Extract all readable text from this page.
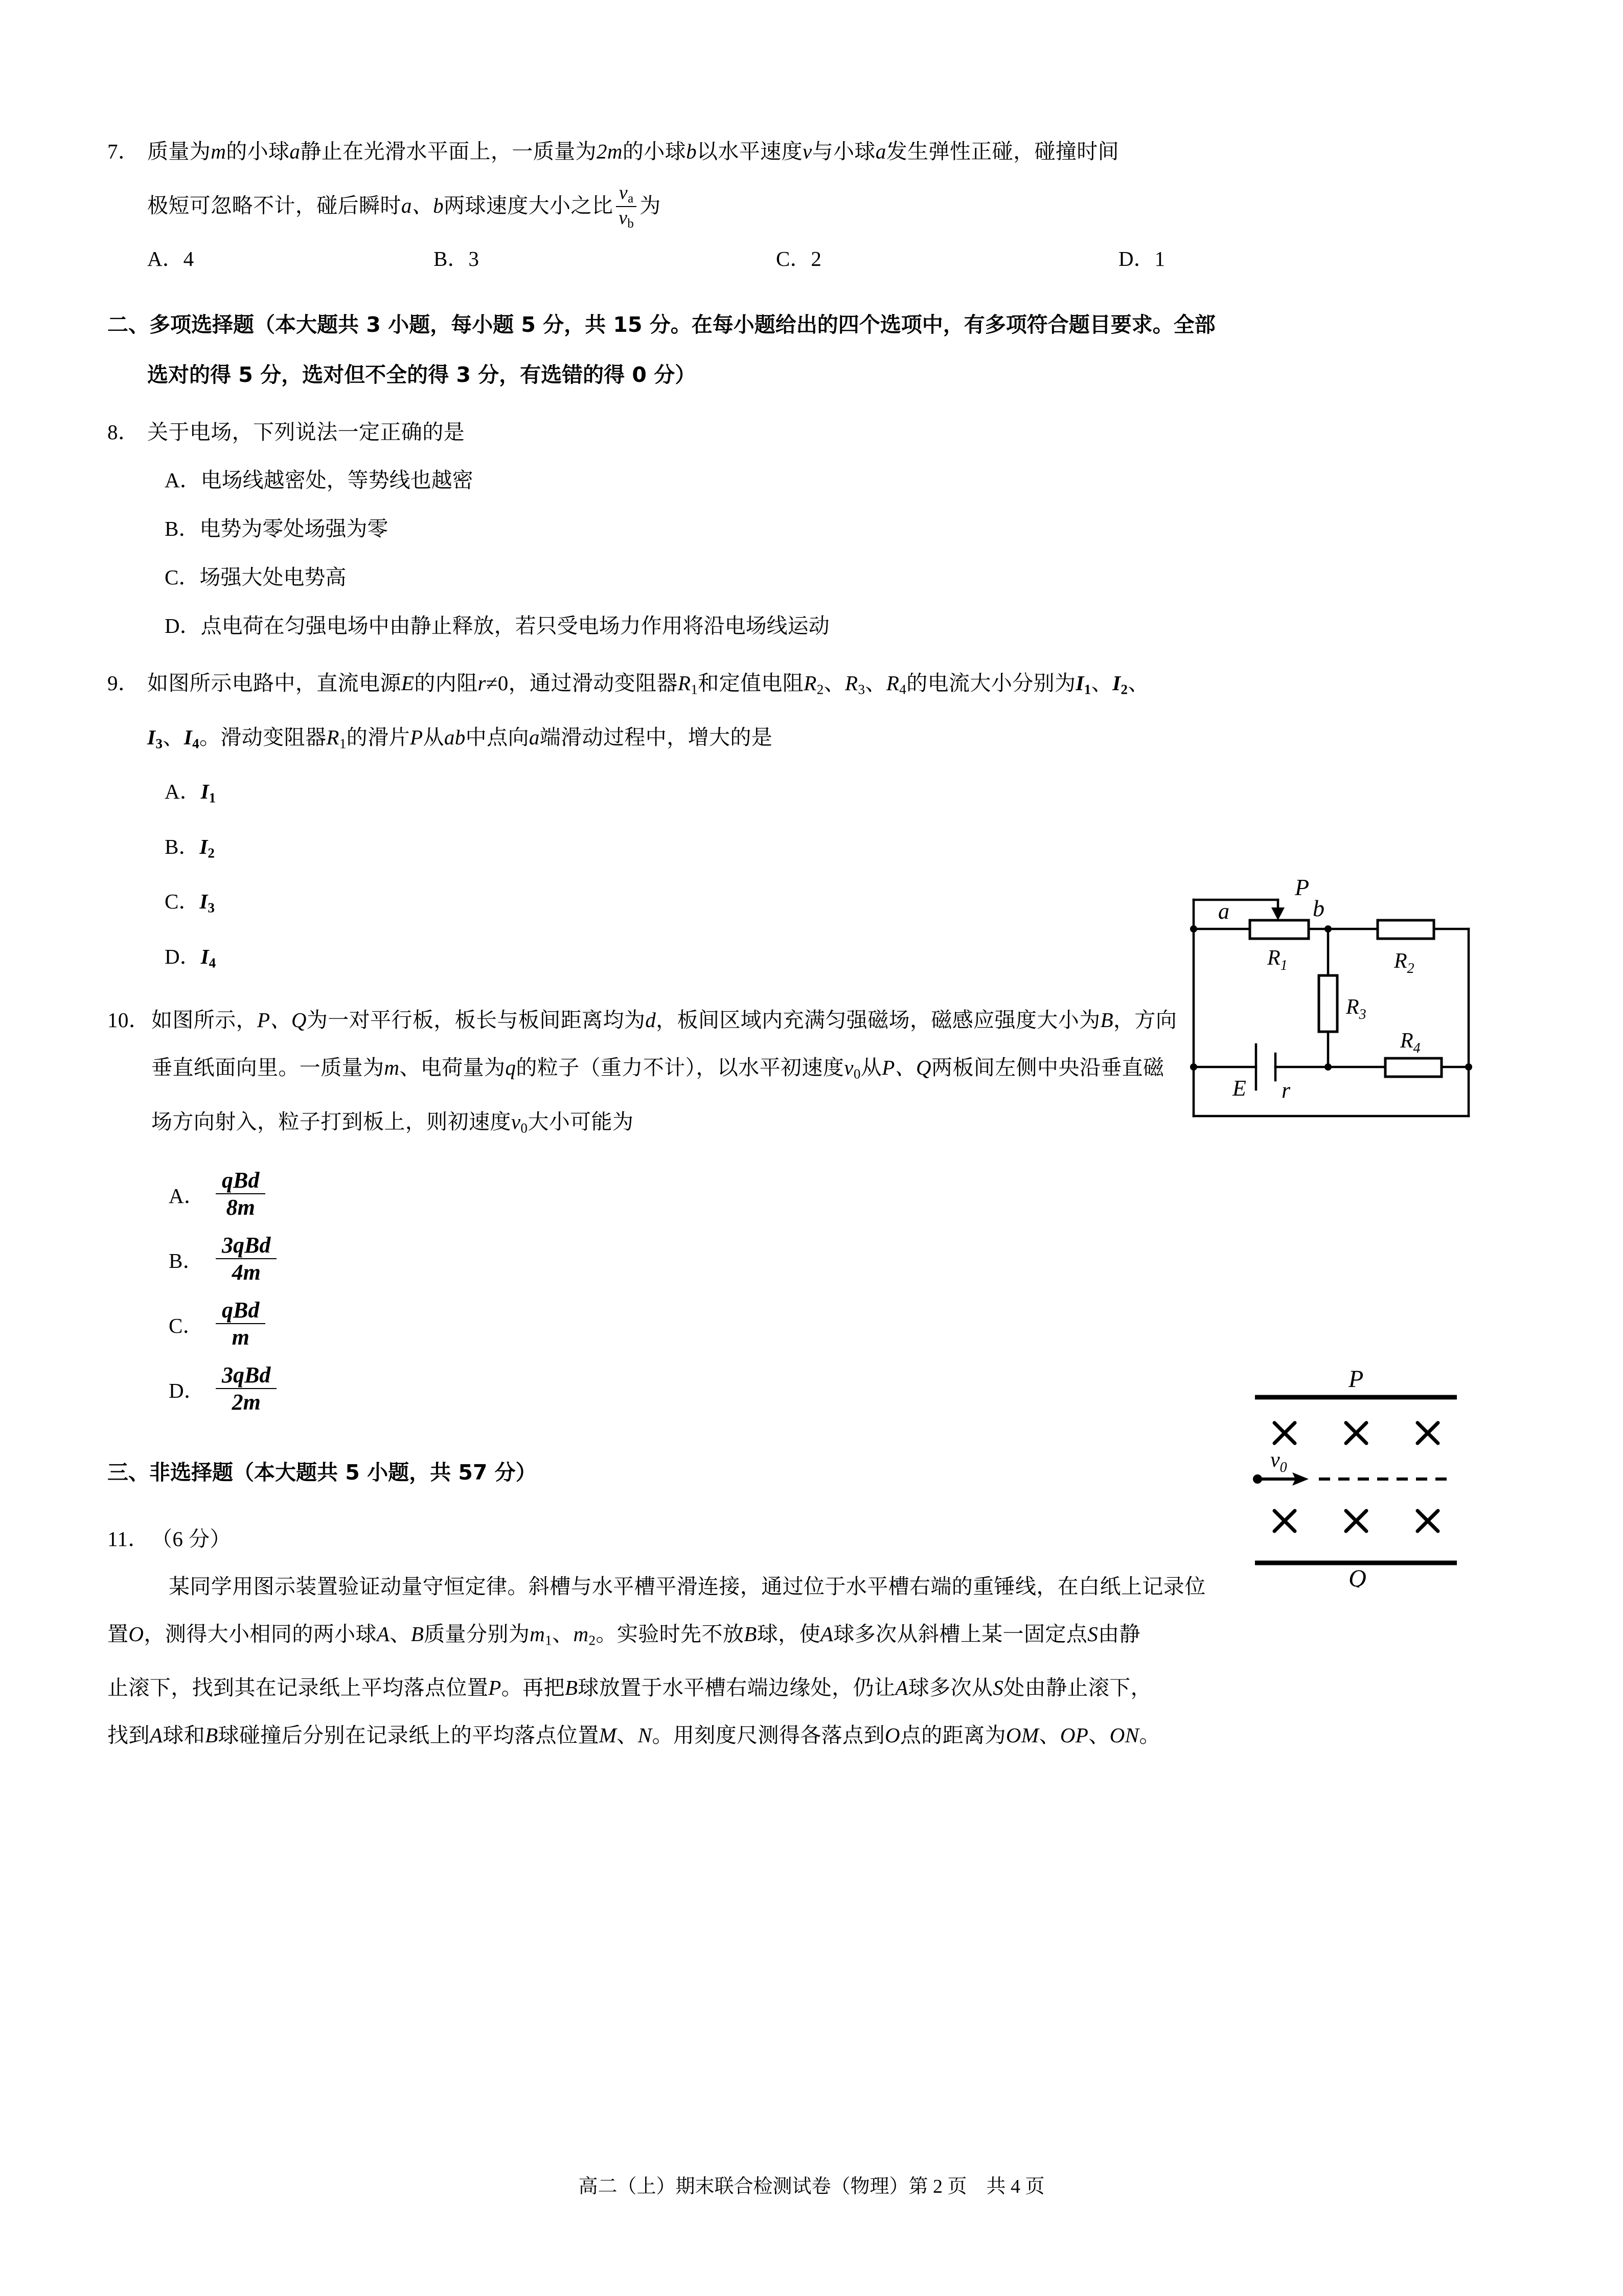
7． 质量为m的小球a静止在光滑水平面上，一质量为2m的小球b以水平速度v与小球a发生弹性正碰，碰撞时间
极短可忽略不计，碰后瞬时a、b两球速度大小之比 $\frac{v_a}{v_b}$ 为
A．4	B．3	C．2	D．1
二、多项选择题（本大题共 3 小题，每小题 5 分，共 15 分。在每小题给出的四个选项中，有多项符合题目要求。全部
选对的得 5 分，选对但不全的得 3 分，有选错的得 0 分）
8． 关于电场，下列说法一定正确的是
A．电场线越密处，等势线也越密
B．电势为零处场强为零
C．场强大处电势高
D．点电荷在匀强电场中由静止释放，若只受电场力作用将沿电场线运动
9． 如图所示电路中，直流电源E的内阻r≠0，通过滑动变阻器$R_1$和定值电阻$R_2$、$R_3$、$R_4$的电流大小分别为$I_1$、$I_2$、
$I_3$、$I_4$。滑动变阻器$R_1$的滑片P从ab中点向a端滑动过程中，增大的是
A．$I_1$
B．$I_2$
C．$I_3$
D．$I_4$
10．如图所示，P、Q为一对平行板，板长与板间距离均为d，板间区域内充满匀强磁场，磁感应强度大小为B，方向
垂直纸面向里。一质量为m、电荷量为q的粒子（重力不计），以水平初速度$v_0$从P、Q两板间左侧中央沿垂直磁
场方向射入，粒子打到板上，则初速度$v_0$大小可能为
A．
qBd
8m
B．
3qBd
4m
C．
qBd
m
D．
3qBd
2m
三、非选择题（本大题共 5 小题，共 57 分）
11． （6 分）
某同学用图示装置验证动量守恒定律。斜槽与水平槽平滑连接，通过位于水平槽右端的重锤线，在白纸上记录位
置O，测得大小相同的两小球A、B质量分别为$m_1$、$m_2$。实验时先不放B球，使A球多次从斜槽上某一固定点S由静
止滚下，找到其在记录纸上平均落点位置P。再把B球放置于水平槽右端边缘处，仍让A球多次从S处由静止滚下，
找到A球和B球碰撞后分别在记录纸上的平均落点位置M、N。用刻度尺测得各落点到O点的距离为OM、OP、ON。
a
P
b
$R_1$	$R_2$
$R_3$
$R_4$
E r
P
Q
$v_0$
高二（上）期末联合检测试卷（物理）第 2 页　共 4 页
